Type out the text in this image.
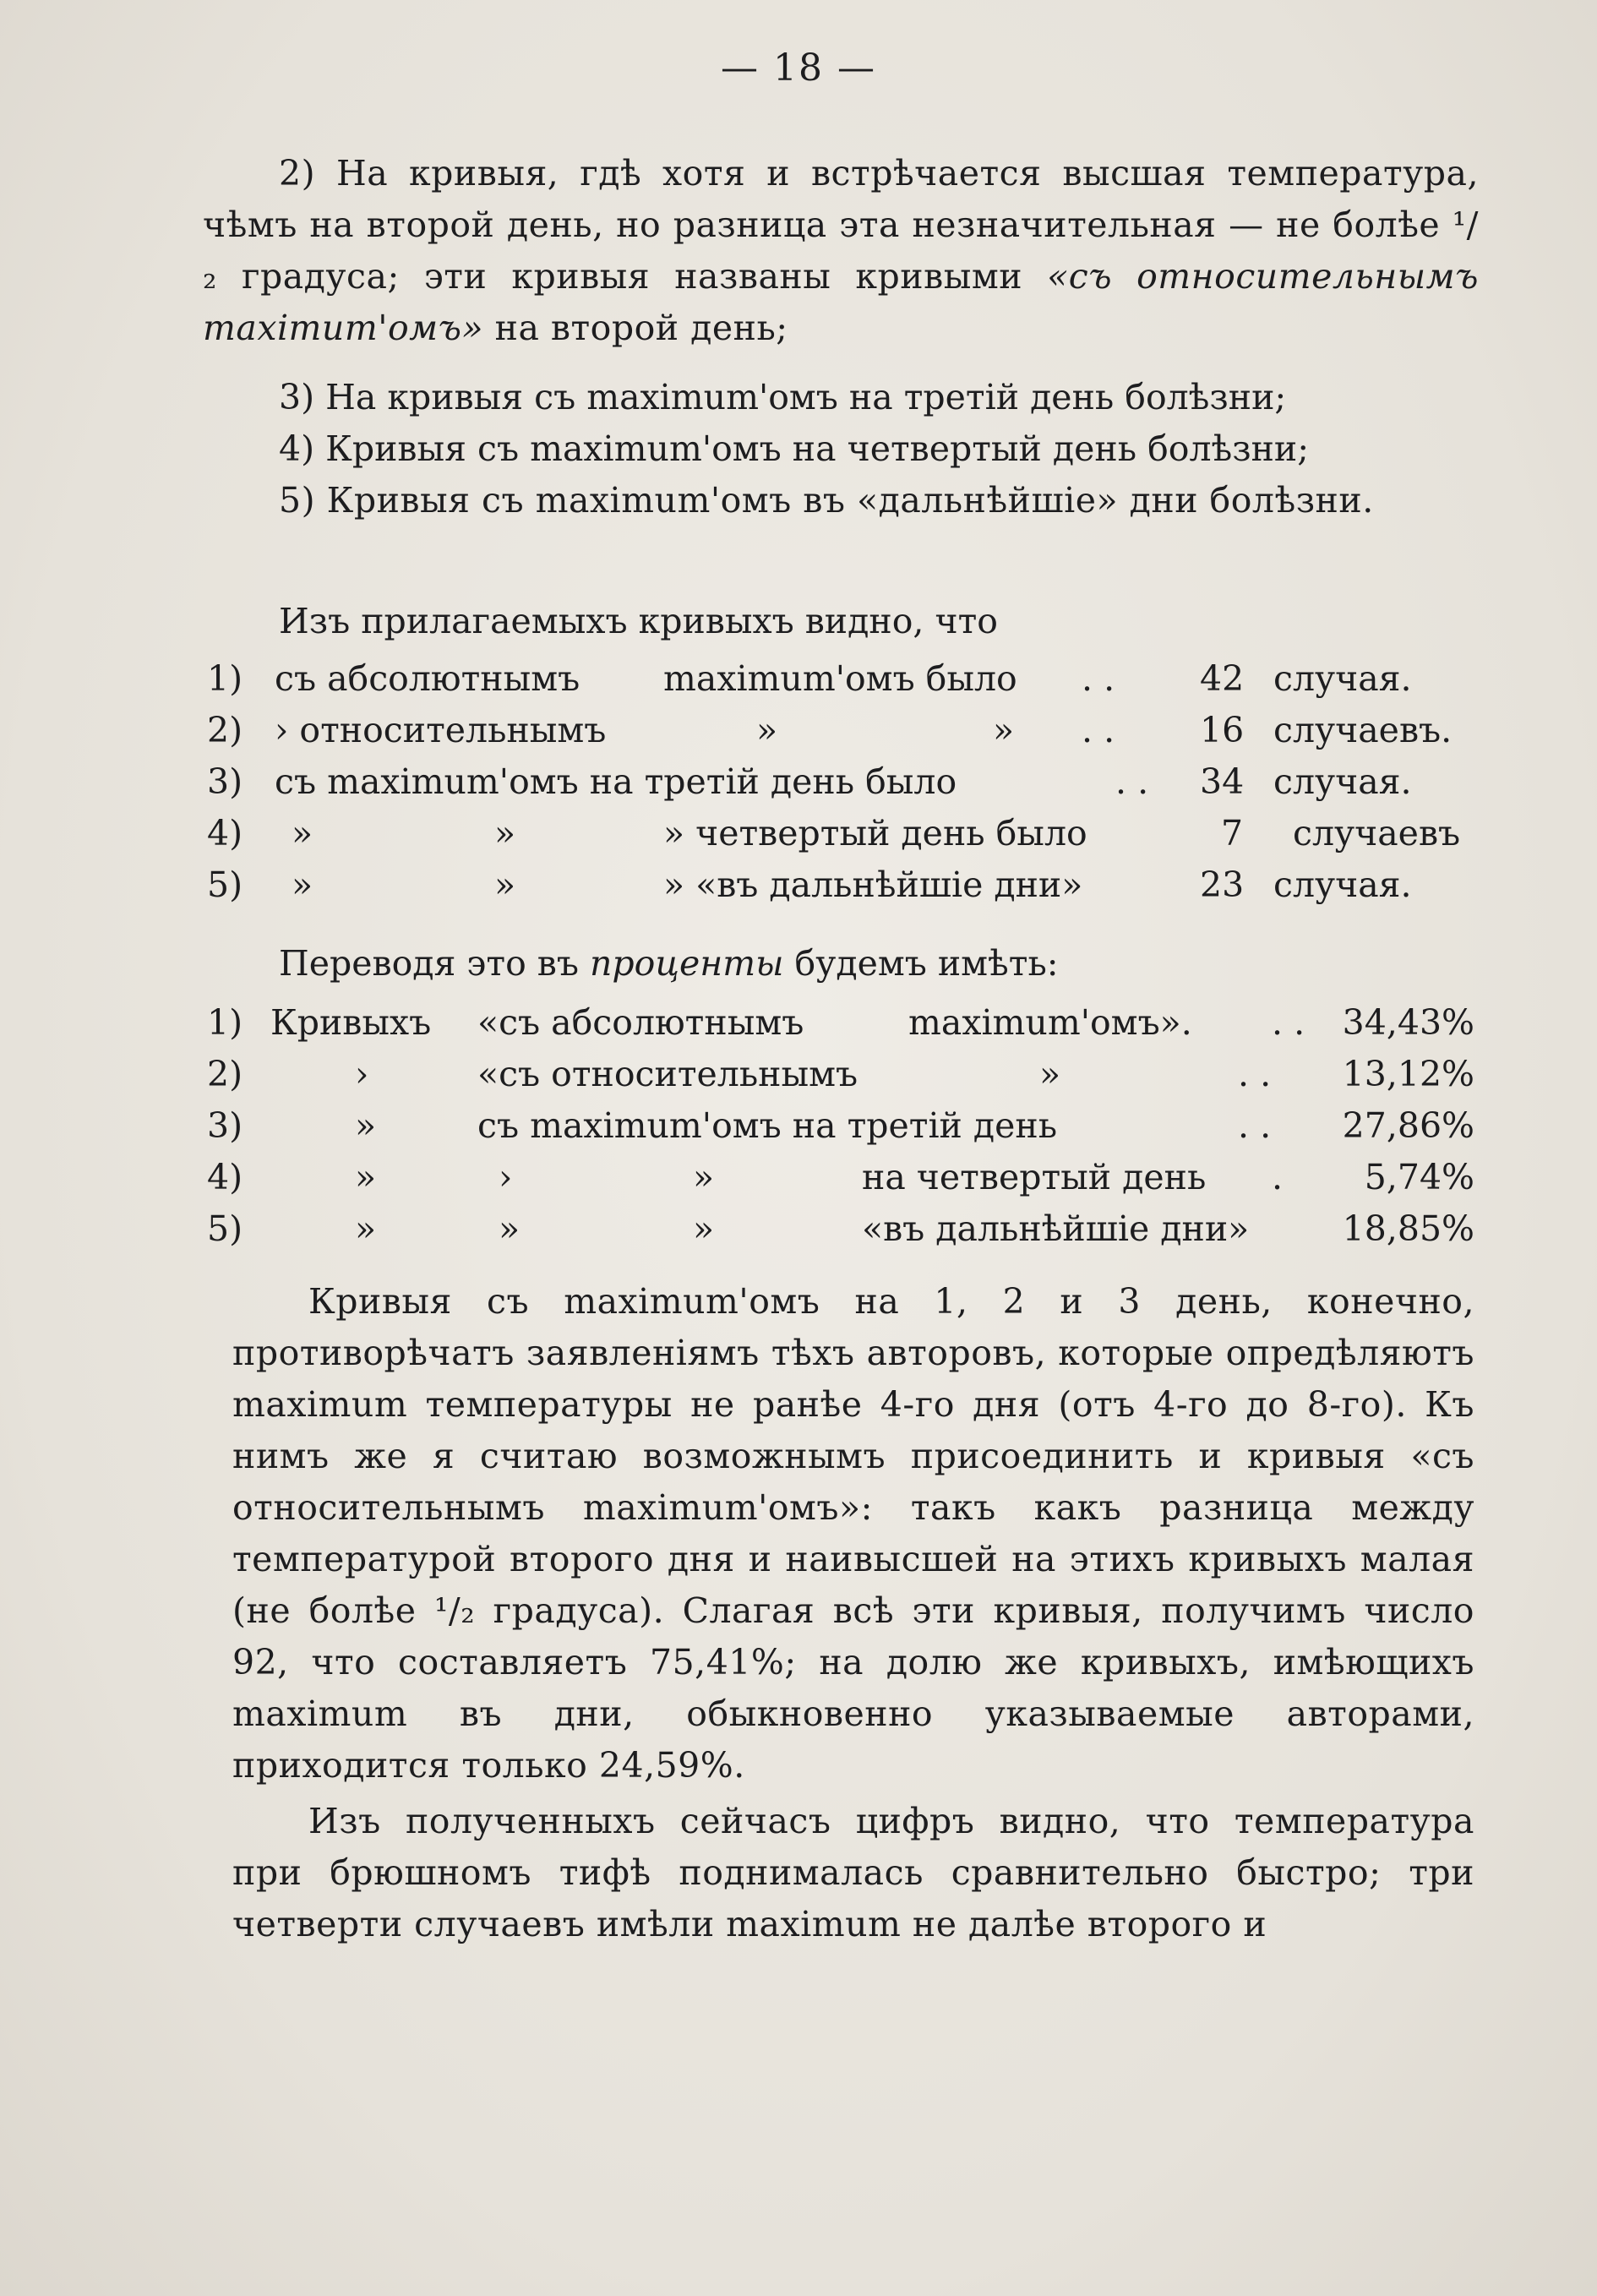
— 18 —

2) На кривыя, гдѣ хотя и встрѣчается высшая температура, чѣмъ на второй день, но разница эта незначительная — не болѣе ¹/₂ градуса; эти кривыя названы кривыми «съ относительнымъ maximum'омъ» на второй день;

3) На кривыя съ maximum'омъ на третій день болѣзни;

4) Кривыя съ maximum'омъ на четвертый день болѣзни;

5) Кривыя съ maximum'омъ въ «дальнѣйшіе» дни болѣзни.

Изъ прилагаемыхъ кривыхъ видно, что

1) съ абсолютнымъ maximum'омъ было . . 42 случая.
2) › относительнымъ	»	» . . 16 случаевъ.
3) съ maximum'омъ на третій день было	. . 34 случая.
4) »	»	» четвертый день было	7 случаевъ
5) »	»	» «въ дальнѣйшіе дни»	23 случая.

Переводя это въ проценты будемъ имѣть:

1) Кривыхъ «съ абсолютнымъ	maximum'омъ». . .	34,43%
2)	›	«съ относительнымъ	»	. .	13,12%
3)	»	съ maximum'омъ на третій день	. .	27,86%
4)	»	›	»	на четвертый день .	5,74%
5)	»	»	»	«въ дальнѣйшіе дни»	18,85%

Кривыя съ maximum'омъ на 1, 2 и 3 день, конечно, противорѣчатъ заявленіямъ тѣхъ авторовъ, которые опредѣляютъ maximum температуры не ранѣе 4-го дня (отъ 4-го до 8-го). Къ нимъ же я считаю возможнымъ присоединить и кривыя «съ относительнымъ maximum'омъ»: такъ какъ разница между температурой второго дня и наивысшей на этихъ кривыхъ малая (не болѣе ¹/₂ градуса). Слагая всѣ эти кривыя, получимъ число 92, что составляетъ 75,41%; на долю же кривыхъ, имѣющихъ maximum въ дни, обыкновенно указываемые авторами, приходится только 24,59%.

Изъ полученныхъ сейчасъ цифръ видно, что температура при брюшномъ тифѣ поднималась сравнительно быстро; три четверти случаевъ имѣли maximum не далѣе второго и
